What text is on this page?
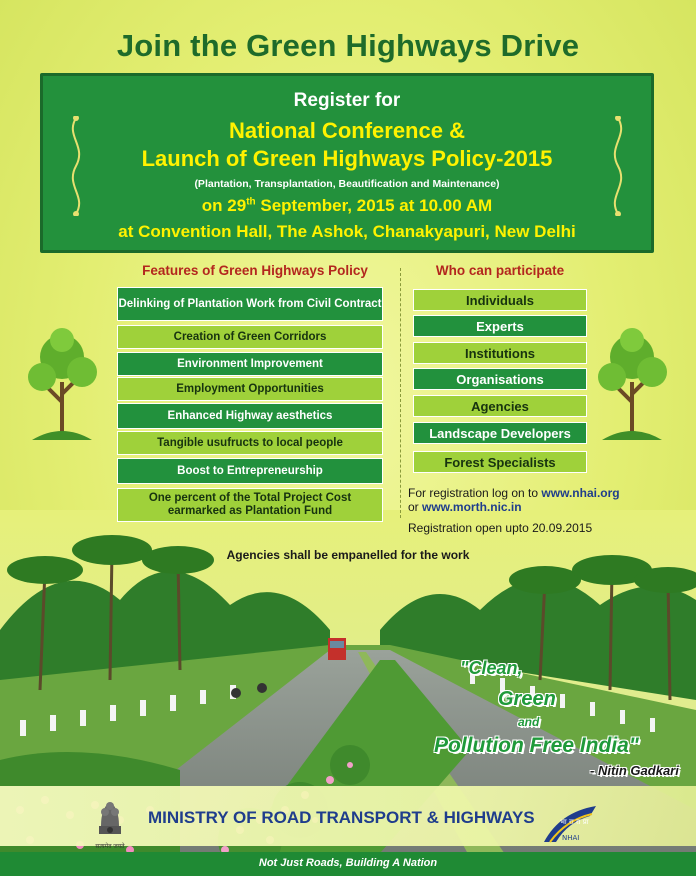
Join the Green Highways Drive
Register for
National Conference &
Launch of Green Highways Policy-2015
(Plantation, Transplantation, Beautification and Maintenance)
on 29th September, 2015 at 10.00 AM
at Convention Hall, The Ashok, Chanakyapuri, New Delhi
Features of Green Highways Policy	Who can participate
Delinking of Plantation Work from Civil Contract
Creation of Green Corridors
Environment Improvement
Employment Opportunities
Enhanced Highway aesthetics
Tangible usufructs to local people
Boost to Entrepreneurship
One percent of the Total Project Cost earmarked as Plantation Fund
Individuals
Experts
Institutions
Organisations
Agencies
Landscape Developers
Forest Specialists
For registration log on to www.nhai.org
or www.morth.nic.in
Registration open upto 20.09.2015
Agencies shall be empanelled for the work
"Clean,
Green
and
Pollution Free India"
- Nitin Gadkari
सत्यमेव जयते
MINISTRY OF ROAD TRANSPORT & HIGHWAYS	भा रा रा प्रा
NHAI
Not Just Roads, Building A Nation
